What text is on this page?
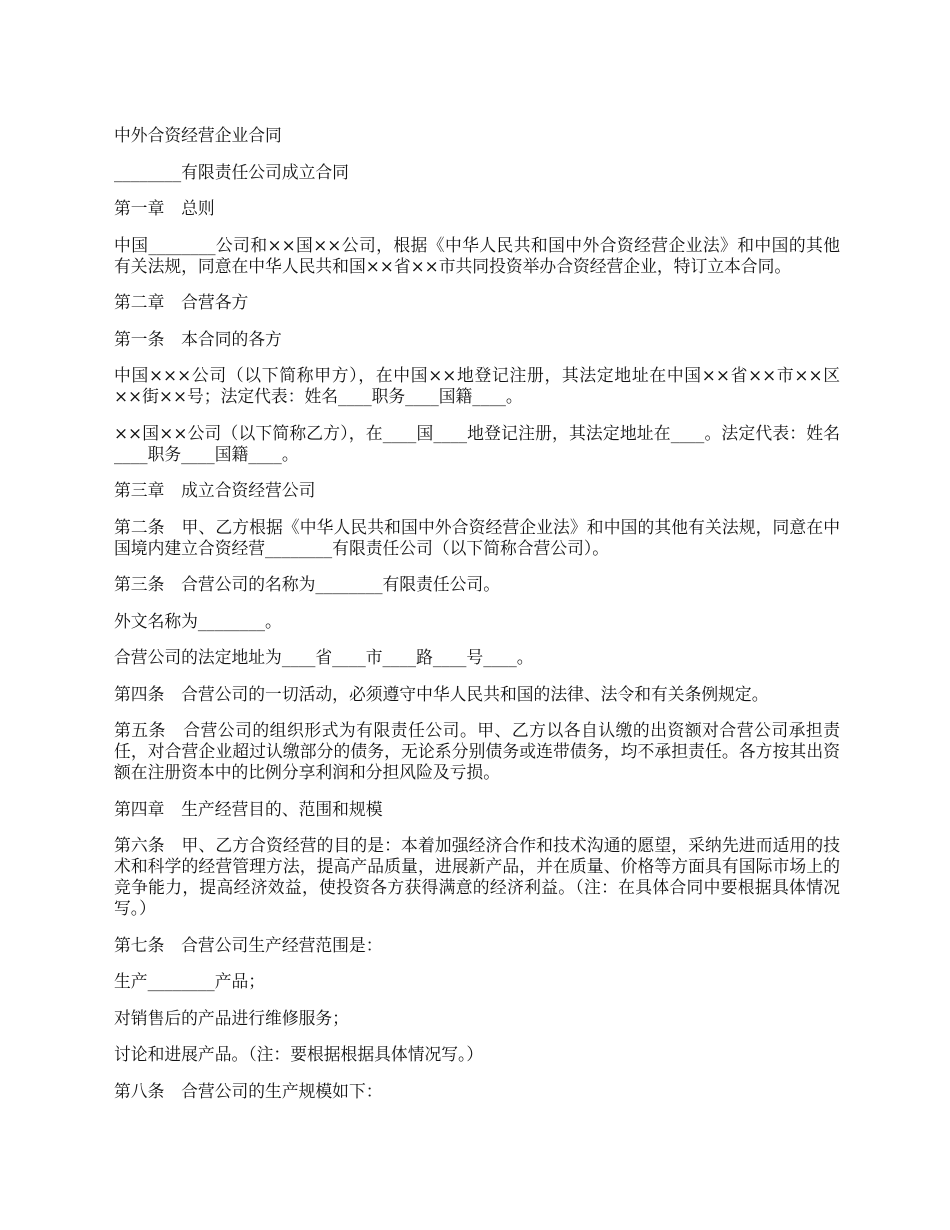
中外合资经营企业合同

________有限责任公司成立合同

第一章　总则

中国________公司和××国××公司，根据《中华人民共和国中外合资经营企业法》和中国的其他有关法规，同意在中华人民共和国××省××市共同投资举办合资经营企业，特订立本合同。

第二章　合营各方

第一条　本合同的各方

中国×××公司（以下简称甲方），在中国××地登记注册，其法定地址在中国××省××市××区××街××号；法定代表：姓名____职务____国籍____。

××国××公司（以下简称乙方），在____国____地登记注册，其法定地址在____。法定代表：姓名____职务____国籍____。

第三章　成立合资经营公司

第二条　甲、乙方根据《中华人民共和国中外合资经营企业法》和中国的其他有关法规，同意在中国境内建立合资经营________有限责任公司（以下简称合营公司）。

第三条　合营公司的名称为________有限责任公司。

外文名称为________。

合营公司的法定地址为____省____市____路____号____。

第四条　合营公司的一切活动，必须遵守中华人民共和国的法律、法令和有关条例规定。

第五条　合营公司的组织形式为有限责任公司。甲、乙方以各自认缴的出资额对合营公司承担责任，对合营企业超过认缴部分的债务，无论系分别债务或连带债务，均不承担责任。各方按其出资额在注册资本中的比例分享利润和分担风险及亏损。

第四章　生产经营目的、范围和规模

第六条　甲、乙方合资经营的目的是：本着加强经济合作和技术沟通的愿望，采纳先进而适用的技术和科学的经营管理方法，提高产品质量，进展新产品，并在质量、价格等方面具有国际市场上的竞争能力，提高经济效益，使投资各方获得满意的经济利益。（注：在具体合同中要根据具体情况写。）

第七条　合营公司生产经营范围是：

生产________产品；

对销售后的产品进行维修服务；

讨论和进展产品。（注：要根据根据具体情况写。）

第八条　合营公司的生产规模如下：
